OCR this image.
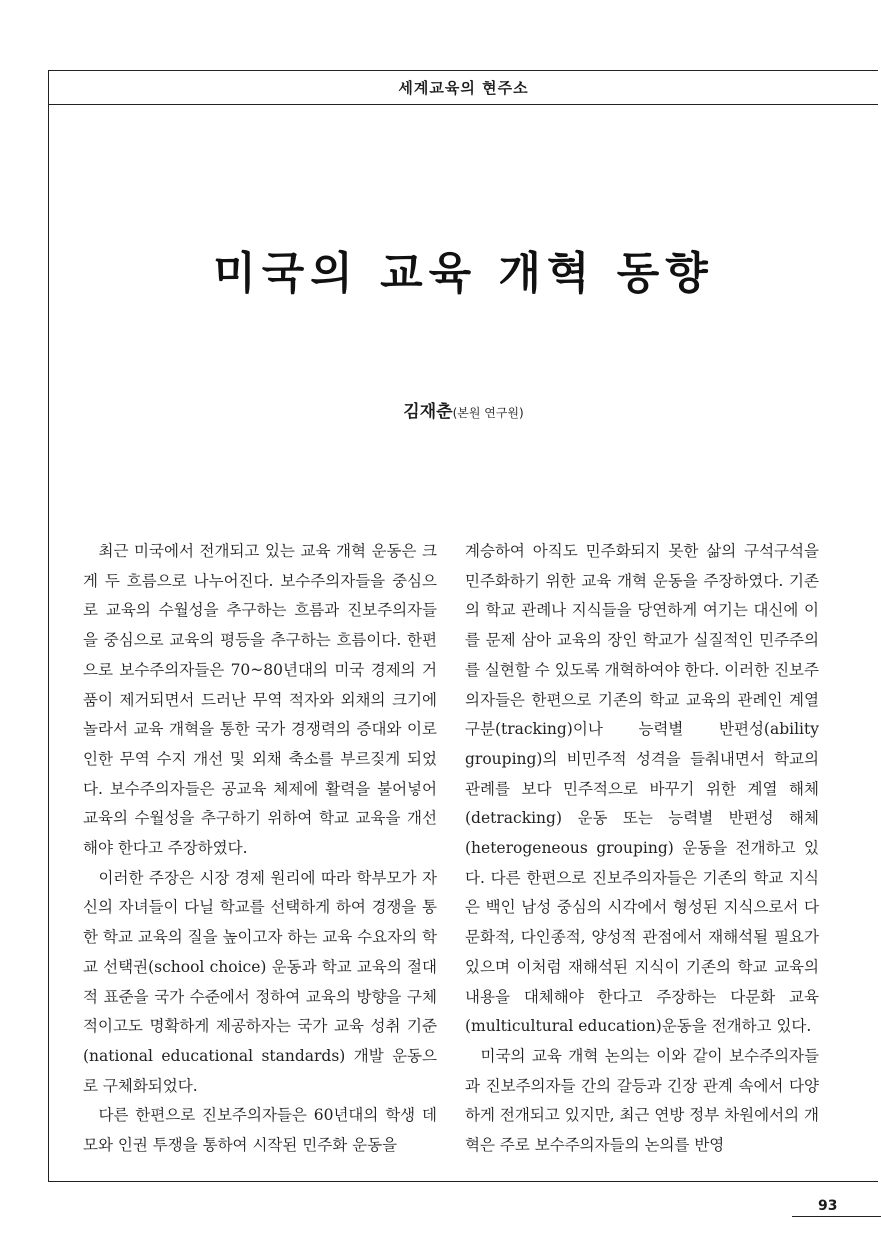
세계교육의 현주소
미국의 교육 개혁 동향
김재춘(본원 연구원)

최근 미국에서 전개되고 있는 교육 개혁 운동은 크게 두 흐름으로 나누어진다. 보수주의자들을 중심으로 교육의 수월성을 추구하는 흐름과 진보주의자들을 중심으로 교육의 평등을 추구하는 흐름이다. 한편으로 보수주의자들은 70~80년대의 미국 경제의 거품이 제거되면서 드러난 무역 적자와 외채의 크기에 놀라서 교육 개혁을 통한 국가 경쟁력의 증대와 이로 인한 무역 수지 개선 및 외채 축소를 부르짖게 되었다. 보수주의자들은 공교육 체제에 활력을 불어넣어 교육의 수월성을 추구하기 위하여 학교 교육을 개선해야 한다고 주장하였다.

이러한 주장은 시장 경제 원리에 따라 학부모가 자신의 자녀들이 다닐 학교를 선택하게 하여 경쟁을 통한 학교 교육의 질을 높이고자 하는 교육 수요자의 학교 선택권(school choice) 운동과 학교 교육의 절대적 표준을 국가 수준에서 정하여 교육의 방향을 구체적이고도 명확하게 제공하자는 국가 교육 성취 기준(national educational standards) 개발 운동으로 구체화되었다.

다른 한편으로 진보주의자들은 60년대의 학생 데모와 인권 투쟁을 통하여 시작된 민주화 운동을

계승하여 아직도 민주화되지 못한 삶의 구석구석을 민주화하기 위한 교육 개혁 운동을 주장하였다. 기존의 학교 관례나 지식들을 당연하게 여기는 대신에 이를 문제 삼아 교육의 장인 학교가 실질적인 민주주의를 실현할 수 있도록 개혁하여야 한다. 이러한 진보주의자들은 한편으로 기존의 학교 교육의 관례인 계열 구분(tracking)이나 능력별 반편성(ability grouping)의 비민주적 성격을 들춰내면서 학교의 관례를 보다 민주적으로 바꾸기 위한 계열 해체(detracking) 운동 또는 능력별 반편성 해체(heterogeneous grouping) 운동을 전개하고 있다. 다른 한편으로 진보주의자들은 기존의 학교 지식은 백인 남성 중심의 시각에서 형성된 지식으로서 다문화적, 다인종적, 양성적 관점에서 재해석될 필요가 있으며 이처럼 재해석된 지식이 기존의 학교 교육의 내용을 대체해야 한다고 주장하는 다문화 교육(multicultural education)운동을 전개하고 있다.

미국의 교육 개혁 논의는 이와 같이 보수주의자들과 진보주의자들 간의 갈등과 긴장 관계 속에서 다양하게 전개되고 있지만, 최근 연방 정부 차원에서의 개혁은 주로 보수주의자들의 논의를 반영

93
